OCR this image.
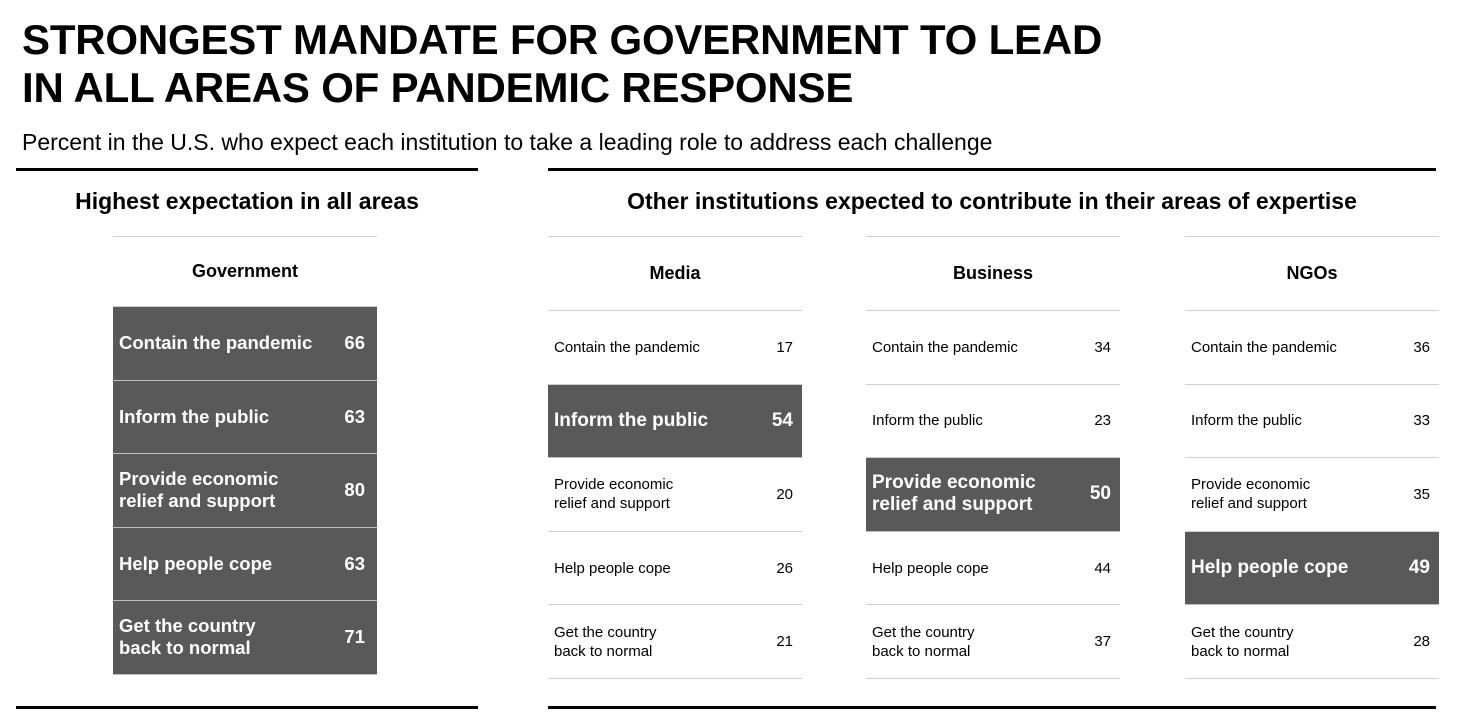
STRONGEST MANDATE FOR GOVERNMENT TO LEAD
IN ALL AREAS OF PANDEMIC RESPONSE
Percent in the U.S. who expect each institution to take a leading role to address each challenge
Highest expectation in all areas	Other institutions expected to contribute in their areas of expertise
Government
Contain the pandemic 66
Inform the public	63
Provide economic
relief and support
80
Help people cope	63
Get the country
back to normal
71
Media
Contain the pandemic	17
Inform the public	54
Provide economic
relief and support
20
Help people cope	26
Get the country
back to normal
21
Business
Contain the pandemic	34
Inform the public	23
Provide economic
relief and support
50
Help people cope	44
Get the country
back to normal
37
NGOs
Contain the pandemic	36
Inform the public	33
Provide economic
relief and support
35
Help people cope	49
Get the country
back to normal
28
